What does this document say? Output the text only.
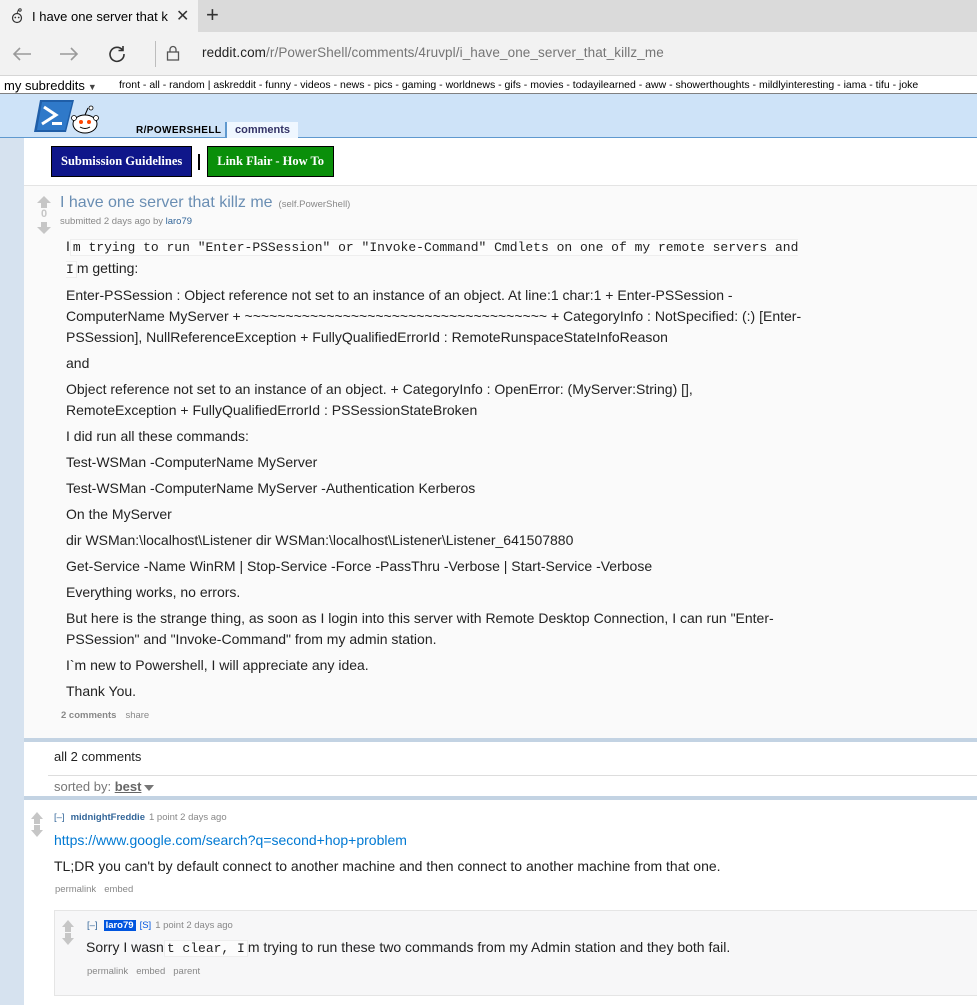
I have one server that k ✕ +
reddit.com/r/PowerShell/comments/4ruvpl/i_have_one_server_that_killz_me
my subreddits ▼ front - all - random | askreddit - funny - videos - news - pics - gaming - worldnews - gifs - movies - todayilearned - aww - showerthoughts - mildlyinteresting - iama - tifu - joke
R/POWERSHELL	comments
Submission Guidelines	Link Flair - How To
0
I have one server that killz me (self.PowerShell)
submitted 2 days ago by laro79

I m trying to run "Enter-PSSession" or "Invoke-Command" Cmdlets on one of my remote servers and I m getting:

Enter-PSSession : Object reference not set to an instance of an object. At line:1 char:1 + Enter-PSSession -ComputerName MyServer + ~~~~~~~~~~~~~~~~~~~~~~~~~~~~~~~~~~~~~ + CategoryInfo : NotSpecified: (:) [Enter-PSSession], NullReferenceException + FullyQualifiedErrorId : RemoteRunspaceStateInfoReason

and

Object reference not set to an instance of an object. + CategoryInfo : OpenError: (MyServer:String) [], RemoteException + FullyQualifiedErrorId : PSSessionStateBroken

I did run all these commands:

Test-WSMan -ComputerName MyServer

Test-WSMan -ComputerName MyServer -Authentication Kerberos

On the MyServer

dir WSMan:\localhost\Listener dir WSMan:\localhost\Listener\Listener_641507880

Get-Service -Name WinRM | Stop-Service -Force -PassThru -Verbose | Start-Service -Verbose

Everything works, no errors.

But here is the strange thing, as soon as I login into this server with Remote Desktop Connection, I can run "Enter-PSSession" and "Invoke-Command" from my admin station.

I`m new to Powershell, I will appreciate any idea.

Thank You.

2 comments share
all 2 comments
sorted by: best
[–] midnightFreddie 1 point 2 days ago
https://www.google.com/search?q=second+hop+problem
TL;DR you can't by default connect to another machine and then connect to another machine from that one.
permalink embed
[–] laro79 [S] 1 point 2 days ago
Sorry I wasn t clear, I m trying to run these two commands from my Admin station and they both fail.
permalink embed parent
